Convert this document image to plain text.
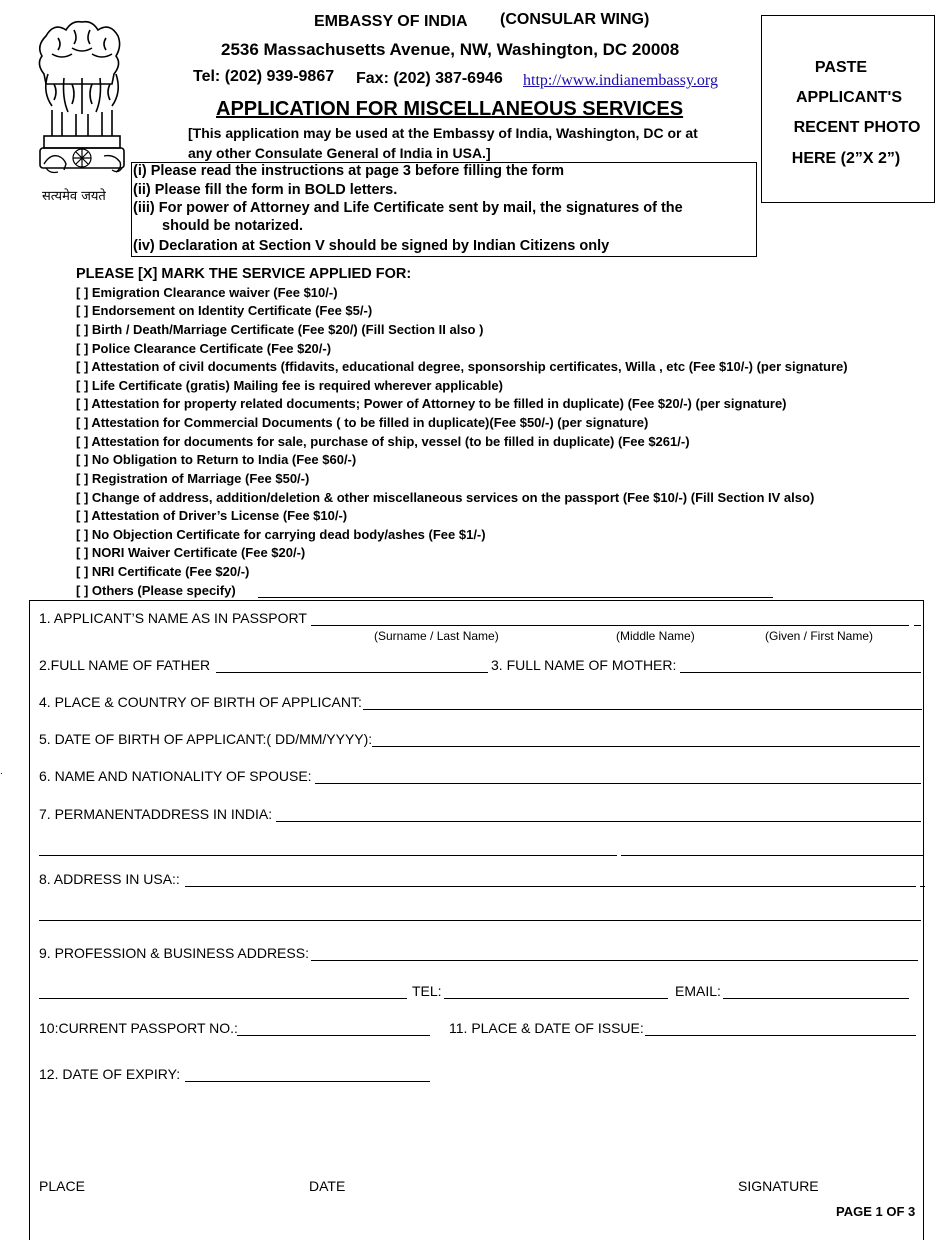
सत्यमेव जयते
EMBASSY OF INDIA (CONSULAR WING)
2536 Massachusetts Avenue, NW, Washington, DC 20008
Tel: (202) 939-9867 Fax: (202) 387-6946 http://www.indianembassy.org
APPLICATION FOR MISCELLANEOUS SERVICES
[This application may be used at the Embassy of India, Washington, DC or at
any other Consulate General of India in USA.]
PASTE
APPLICANT'S
RECENT PHOTO
HERE (2”X 2”)
(i) Please read the instructions at page 3 before filling the form
(ii) Please fill the form in BOLD letters.
(iii) For power of Attorney and Life Certificate sent by mail, the signatures of the
should be notarized.
(iv) Declaration at Section V should be signed by Indian Citizens only
PLEASE [X] MARK THE SERVICE APPLIED FOR:
[ ] Emigration Clearance waiver (Fee $10/-)
[ ] Endorsement on Identity Certificate (Fee $5/-)
[ ] Birth / Death/Marriage Certificate (Fee $20/) (Fill Section II also )
[ ] Police Clearance Certificate (Fee $20/-)
[ ] Attestation of civil documents (ffidavits, educational degree, sponsorship certificates, Willa , etc (Fee $10/-) (per signature)
[ ] Life Certificate (gratis) Mailing fee is required wherever applicable)
[ ] Attestation for property related documents; Power of Attorney to be filled in duplicate) (Fee $20/-) (per signature)
[ ] Attestation for Commercial Documents ( to be filled in duplicate)(Fee $50/-) (per signature)
[ ] Attestation for documents for sale, purchase of ship, vessel (to be filled in duplicate) (Fee $261/-)
[ ] No Obligation to Return to India (Fee $60/-)
[ ] Registration of Marriage (Fee $50/-)
[ ] Change of address, addition/deletion & other miscellaneous services on the passport (Fee $10/-) (Fill Section IV also)
[ ] Attestation of Driver’s License (Fee $10/-)
[ ] No Objection Certificate for carrying dead body/ashes (Fee $1/-)
[ ] NORI Waiver Certificate (Fee $20/-)
[ ] NRI Certificate (Fee $20/-)
[ ] Others (Please specify)
1. APPLICANT’S NAME AS IN PASSPORT
(Surname / Last Name)	(Middle Name)	(Given / First Name)
2.FULL NAME OF FATHER	3. FULL NAME OF MOTHER:
4. PLACE & COUNTRY OF BIRTH OF APPLICANT:
5. DATE OF BIRTH OF APPLICANT:( DD/MM/YYYY):
6. NAME AND NATIONALITY OF SPOUSE:
7. PERMANENTADDRESS IN INDIA:
8. ADDRESS IN USA::
9. PROFESSION & BUSINESS ADDRESS:
TEL:	EMAIL:
10:CURRENT PASSPORT NO.:	11. PLACE & DATE OF ISSUE:
12. DATE OF EXPIRY:
PLACE	DATE	SIGNATURE
PAGE 1 OF 3
.
